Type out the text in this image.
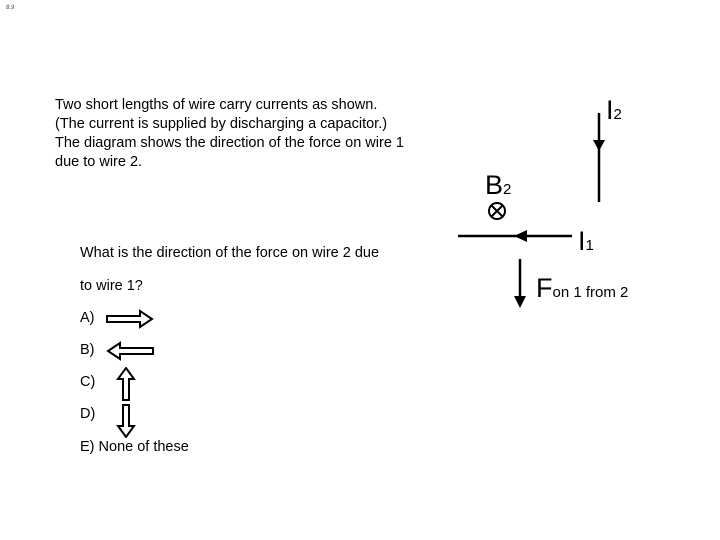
8.9
Two short lengths of wire carry currents as shown.
(The current is supplied by discharging a capacitor.)
The diagram shows the direction of the force on wire 1
due to wire 2.
What is the direction of the force on wire 2 due
to wire 1?
A)
B)
C)
D)
E) None of these
I2
B2
I1
Fon 1 from 2
